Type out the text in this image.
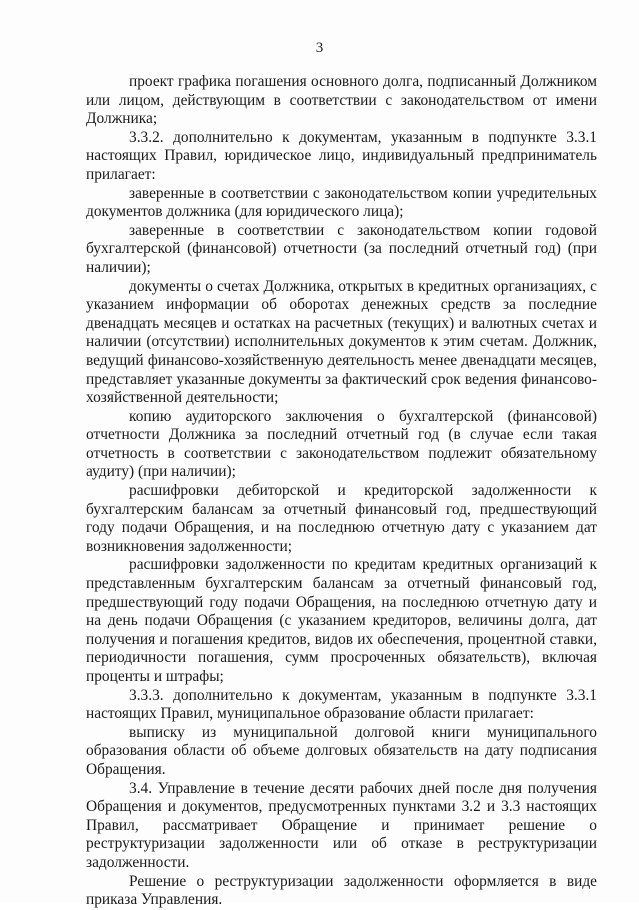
3

проект графика погашения основного долга, подписанный Должником или лицом, действующим в соответствии с законодательством от имени Должника;

3.3.2. дополнительно к документам, указанным в подпункте 3.3.1 настоящих Правил, юридическое лицо, индивидуальный предприниматель прилагает:

заверенные в соответствии с законодательством копии учредительных документов должника (для юридического лица);

заверенные в соответствии с законодательством копии годовой бухгалтерской (финансовой) отчетности (за последний отчетный год) (при наличии);

документы о счетах Должника, открытых в кредитных организациях, с указанием информации об оборотах денежных средств за последние двенадцать месяцев и остатках на расчетных (текущих) и валютных счетах и наличии (отсутствии) исполнительных документов к этим счетам. Должник, ведущий финансово-хозяйственную деятельность менее двенадцати месяцев, представляет указанные документы за фактический срок ведения финансово-хозяйственной деятельности;

копию аудиторского заключения о бухгалтерской (финансовой) отчетности Должника за последний отчетный год (в случае если такая отчетность в соответствии с законодательством подлежит обязательному аудиту) (при наличии);

расшифровки дебиторской и кредиторской задолженности к бухгалтерским балансам за отчетный финансовый год, предшествующий году подачи Обращения, и на последнюю отчетную дату с указанием дат возникновения задолженности;

расшифровки задолженности по кредитам кредитных организаций к представленным бухгалтерским балансам за отчетный финансовый год, предшествующий году подачи Обращения, на последнюю отчетную дату и на день подачи Обращения (с указанием кредиторов, величины долга, дат получения и погашения кредитов, видов их обеспечения, процентной ставки, периодичности погашения, сумм просроченных обязательств), включая проценты и штрафы;

3.3.3. дополнительно к документам, указанным в подпункте 3.3.1 настоящих Правил, муниципальное образование области прилагает:

выписку из муниципальной долговой книги муниципального образования области об объеме долговых обязательств на дату подписания Обращения.

3.4. Управление в течение десяти рабочих дней после дня получения Обращения и документов, предусмотренных пунктами 3.2 и 3.3 настоящих Правил, рассматривает Обращение и принимает решение о реструктуризации задолженности или об отказе в реструктуризации задолженности.

Решение о реструктуризации задолженности оформляется в виде приказа Управления.
